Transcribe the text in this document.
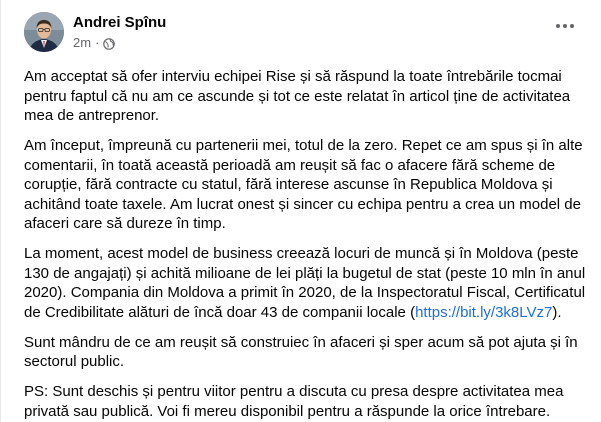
Andrei Spînu
2m ·

Am acceptat să ofer interviu echipei Rise și să răspund la toate întrebările tocmai pentru faptul că nu am ce ascunde și tot ce este relatat în articol ține de activitatea mea de antreprenor.

Am început, împreună cu partenerii mei, totul de la zero. Repet ce am spus și în alte comentarii, în toată această perioadă am reușit să fac o afacere fără scheme de corupție, fără contracte cu statul, fără interese ascunse în Republica Moldova și achitând toate taxele. Am lucrat onest și sincer cu echipa pentru a crea un model de afaceri care să dureze în timp.

La moment, acest model de business creează locuri de muncă și în Moldova (peste 130 de angajați) și achită milioane de lei plăți la bugetul de stat (peste 10 mln în anul 2020). Compania din Moldova a primit în 2020, de la Inspectoratul Fiscal, Certificatul de Credibilitate alături de încă doar 43 de companii locale (https://bit.ly/3k8LVz7).

Sunt mândru de ce am reușit să construiec în afaceri și sper acum să pot ajuta și în sectorul public.

PS: Sunt deschis și pentru viitor pentru a discuta cu presa despre activitatea mea privată sau publică. Voi fi mereu disponibil pentru a răspunde la orice întrebare.
